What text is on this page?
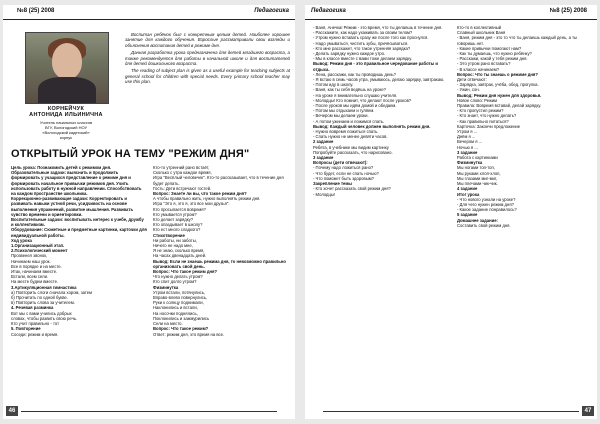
№8 (25) 2008	Педагогика
КОРНЕЙЧУК
АНТОНИДА ИЛЬИНИЧНА
Учитель начальных классов
ВГУ, Вологодский НОУ
«Вологодский кадетский»
корпус

Воспитан ребёнок был с конкретным целым детей. Наиболее хорошее занятие для каждого обучения. Взрослые рассматривали свои взгляды и объяснения воспитания детей в режиме дня.

Данная разработка урока предназначена для детей младшего возраста, а также рекомендуется для работы в начальной школе и для воспитателей для детей дошкольного возраста.

The reading of subject plan is given as a useful example for teaching subjects at general school for children with special needs. Every primary school teacher may use this plan.

ОТКРЫТЫЙ УРОК НА ТЕМУ "РЕЖИМ ДНЯ"

Цель урока: Познакомить детей с режимом дня.

Образовательные задачи: выяснить и продолжить формировать у учащихся представление о режиме дня и формировать начальное привычки режимов дня. Учить использовать работу в нужной направлении. Способствовать на каждом пространстве школьника.

Коррекционно-развивающие задачи: Корректировать и развивать навыки устной речи, усидчивость на основе выполнения упражнений, развитие мышления. Развивать чувство времени и ориентировки.

Воспитательные задачи: воспитывать интерес к учебе, дружбу и коллективизм.

Оборудование: Сюжетные и предметные картинки, карточки для индивидуальной работы.

Ход урока

1.Организационный этап.

2.Психологический момент

Прозвенел звонок,

Начинаем наш урок.

Все в порядке и на месте.

Итак, начинаем вместе.

Встали, всем сели.

На месте будем вместе.

3.Артикуляционная гимнастика

а) Повторить слоги сначала хором, затем

б) Прочитать по одной букве.

в) Повторить слова за учителем.

4. Речевая разминка

Вот мы с вами учились добрых

словах, чтобы развить свою речь.

Кто учит правильно - тот

5. Повторение

Соседи: режим и время.

Кто-то утренний рано встаёт,

Сколько с утра каждое время,

Игра "Весёлый человечек". Кто-то рассказывает, что в течение дня будет делать.

Гость: Дети встречают гостей.

Вопрос: Знаете ли вы, что такое режим дня?

А чтобы правильно жить, нужно выполнять режим дня.

Игра "Это я, это я, это все мои друзья".

Кто просыпается вовремя?

Кто умывается утром?

Кто делает зарядку?

Кто опаздывает в школу?

Кто ест много сладкого?

Стихотворение

Ни работы, ни заботы,

Ничего не надо мне,

Я не знаю, сколько время,

На часах двенадцать дней.

Вывод: Если не знаешь режима дня, то невозможно правильно организовать свой день.

Вопрос: Что такое режим дня?

Что нужно делать утром?

Кто спит долго утром?

Физминутка

Утром встали, потянулись,

Вправо-влево повернулись,

Руки к солнцу поднимали,

Наклонились и встали,

На носочки поднялись,

Поклонились и зажмурились

Сели на место.

Вопрос: Что такое режим?

Ответ: режим дня, это время на все.

46
Педагогика	№8 (25) 2008

- Ваня, Анечка! Режим - это время, что ты делаешь в течение дня.

- Расскажите, как надо ухаживать за своим телом?

- Утром нужно вставать сразу же после того как проснулся.

- Надо умываться, чистить зубы, причёсываться.

- Кто мне расскажет, что такое утренняя зарядка?

- Делать зарядку нужно каждое утро.

- Мы в классе вместе с вами тоже делаем зарядку.

Вывод: Режим дня - это правильное чередование работы и отдыха.

- Лена, расскажи, как ты проводишь день?

- Я встаю в семь часов утра, умываюсь, делаю зарядку, завтракаю.

- Потом иду в школу.

- Ваня, как ты себя ведёшь на уроке?

- На уроке я внимательно слушаю учителя.

- Молодцы! Кто помнит, что делают после уроков?

- После уроков мы идём домой и обедаем.

- Потом мы отдыхаем и гуляем.

- Вечером мы делаем уроки.

- А потом ужинаем и ложимся спать.

Вывод: Каждый человек должен выполнять режим дня.

- Нужно вовремя ложиться спать.

- Спать нужно не менее девяти часов.

2 задание

Ребята, в учебнике мы видим картинку

Попробуйте рассказать, что нарисовано.

3 задание

Вопросы (дети отвечают):

- Почему надо ложиться рано?

- Что будет, если не спать ночью?

- Что поможет быть здоровым?

Закрепление темы

- Кто хочет рассказать свой режим дня?

- Молодцы!

Кто-то в коллективный

Славный школьник Ваня

- Ваня, режим дня - это то что ты делаешь каждый день, а ты говоришь нет.

- Какие привычки помогают нам?

- Как ты думаешь, что нужно ребёнку?

- Расскажи, какой у тебя режим дня.

- Это утром рано вставать?

- В классе начинаем?

Вопрос: Что ты знаешь о режиме дня?

Дети отвечают:

- Зарядка, завтрак, учёба, обед, прогулка.

- Ужин, сон.

Вывод: Режим дня нужен для здоровья.

Новое слово: Режим

Правила: Вовремя вставай, делай зарядку.

- Кто пропустил режим?

- Кто знает, что нужно делать?

- Как правильно питаться?

Карточка: Закончи предложение

Утром я ...

Днём я ...

Вечером я ...

Ночью я ...

3 задание

Работа с картинками

Физминутка

Мы ногами топ-топ,

Мы руками хлоп-хлоп,

Мы глазами миг-миг,

Мы плечами чик-чик.

4 задание

Итог урока

- Что нового узнали на уроке?

- Для чего нужен режим дня?

- Какое задание понравилось?

5 задание

Домашнее задание:

Составить свой режим дня.

47
